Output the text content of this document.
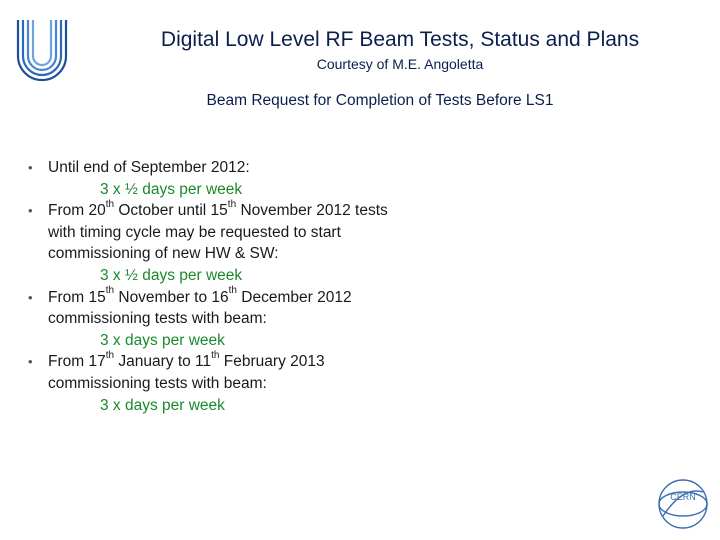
Digital Low Level RF Beam Tests, Status and Plans
Courtesy of M.E. Angoletta
Beam Request for Completion of Tests Before LS1
• Until end of September 2012:
3 x ½ days per week
• From 20th October until 15th November 2012 tests with timing cycle may be requested to start commissioning of new HW & SW:
3 x ½ days per week
• From 15th November to 16th December 2012 commissioning tests with beam:
3 x days per week
• From 17th January to 11th February 2013 commissioning tests with beam:
3 x days per week
CERN
